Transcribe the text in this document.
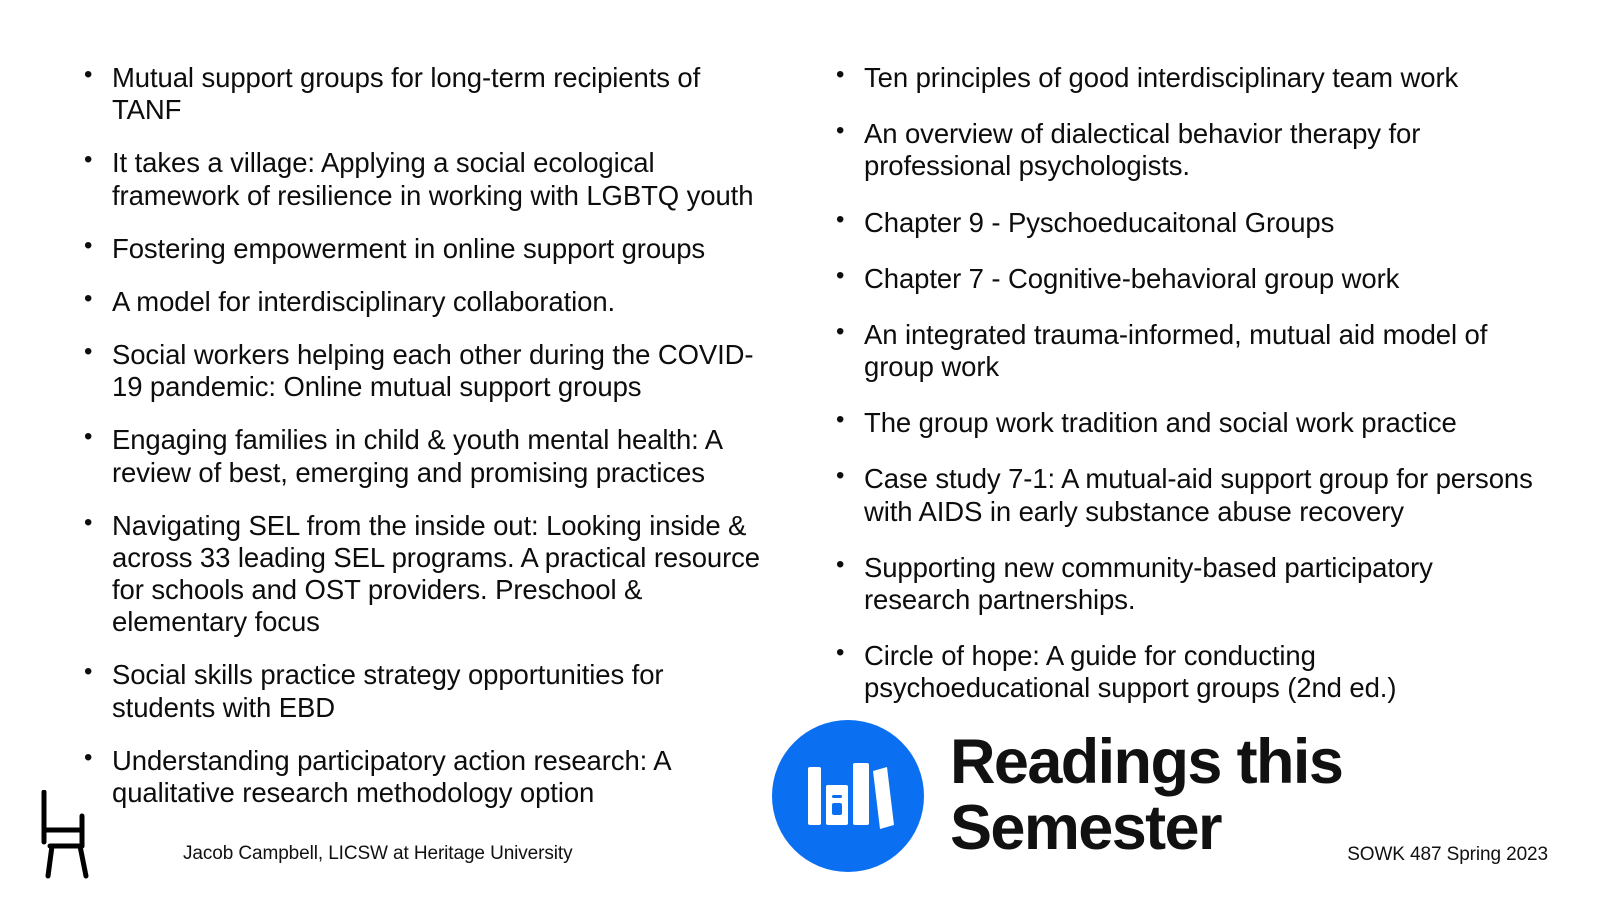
• Mutual support groups for long-term recipients of TANF
• It takes a village: Applying a social ecological framework of resilience in working with LGBTQ youth
• Fostering empowerment in online support groups
• A model for interdisciplinary collaboration.
• Social workers helping each other during the COVID-19 pandemic: Online mutual support groups
• Engaging families in child & youth mental health: A review of best, emerging and promising practices
• Navigating SEL from the inside out: Looking inside & across 33 leading SEL programs. A practical resource for schools and OST providers. Preschool & elementary focus
• Social skills practice strategy opportunities for students with EBD
• Understanding participatory action research: A qualitative research methodology option
• Ten principles of good interdisciplinary team work
• An overview of dialectical behavior therapy for professional psychologists.
• Chapter 9 - Pyschoeducaitonal Groups
• Chapter 7 - Cognitive-behavioral group work
• An integrated trauma-informed, mutual aid model of group work
• The group work tradition and social work practice
• Case study 7-1: A mutual-aid support group for persons with AIDS in early substance abuse recovery
• Supporting new community-based participatory research partnerships.
• Circle of hope: A guide for conducting psychoeducational support groups (2nd ed.)
Readings this
Semester
Jacob Campbell, LICSW at Heritage University	SOWK 487 Spring 2023
